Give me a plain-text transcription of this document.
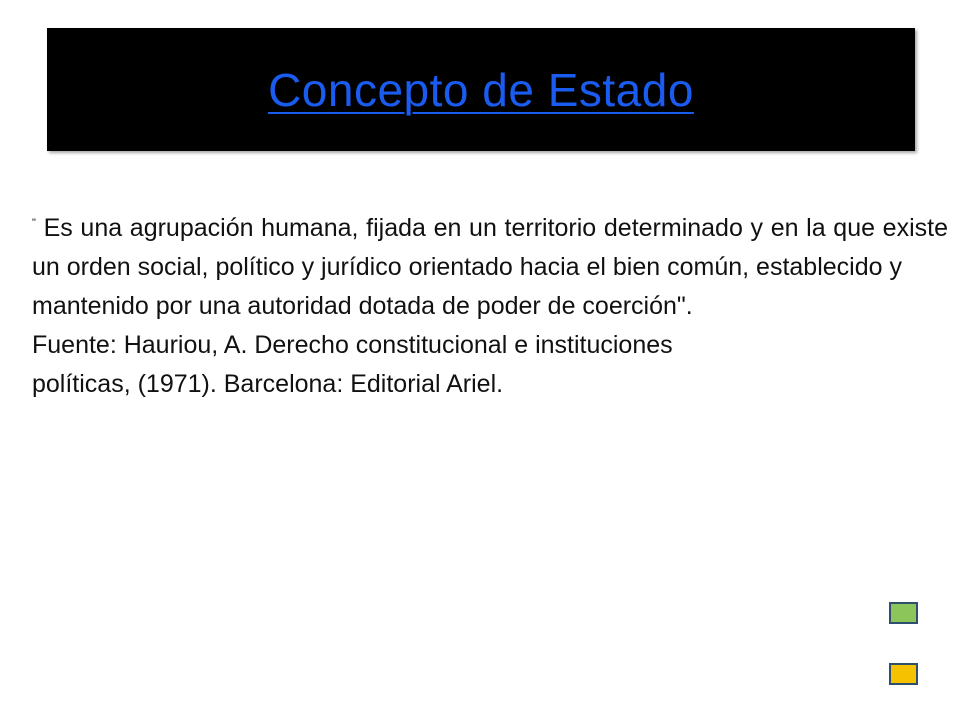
Concepto de Estado
" Es una agrupación humana, fijada en un territorio determinado y en la que existe un orden social, político y jurídico orientado hacia el bien común, establecido y
mantenido por una autoridad dotada de poder de coerción".
Fuente: Hauriou, A. Derecho constitucional e instituciones
políticas, (1971). Barcelona: Editorial Ariel.
